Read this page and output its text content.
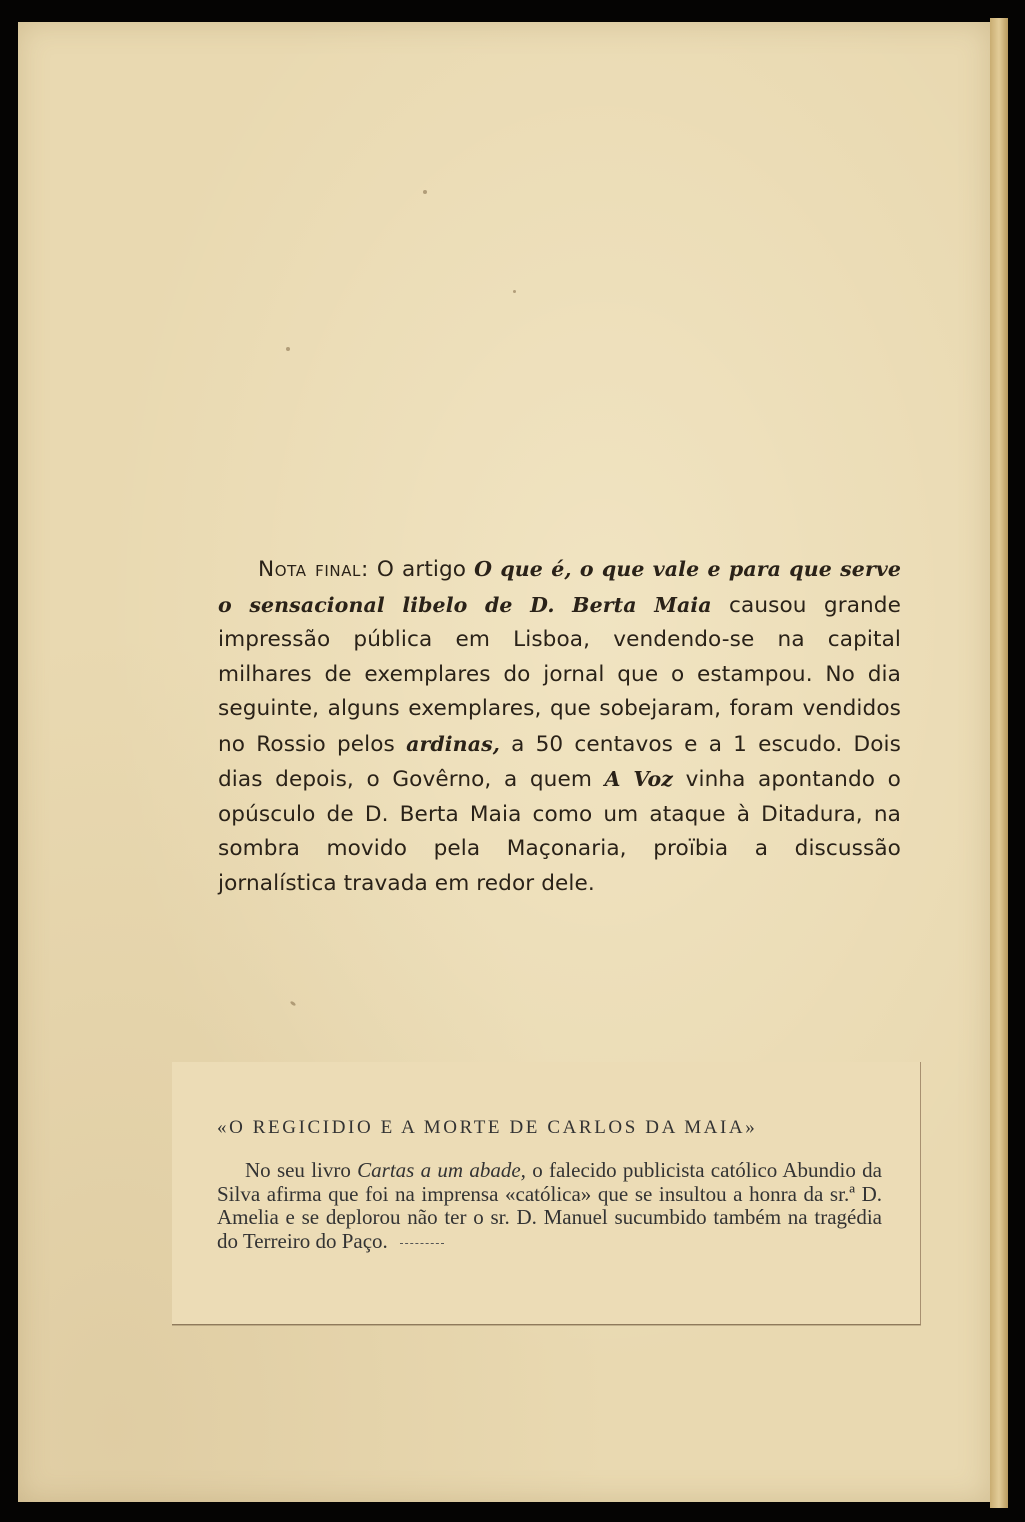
Nota final: O artigo O que é, o que vale e para que serve o sensacional libelo de D. Berta Maia causou grande impressão pública em Lisboa, vendendo-se na capital milhares de exemplares do jornal que o estampou. No dia seguinte, alguns exemplares, que sobejaram, foram vendidos no Rossio pelos ardinas, a 50 centavos e a 1 escudo. Dois dias depois, o Govêrno, a quem A Voz vinha apontando o opúsculo de D. Berta Maia como um ataque à Ditadura, na sombra movido pela Maçonaria, proïbia a discussão jornalística travada em redor dele.
«O REGICIDIO E A MORTE DE CARLOS DA MAIA»
No seu livro Cartas a um abade, o falecido publicista católico Abundio da Silva afirma que foi na imprensa «católica» que se insultou a honra da sr.ª D. Amelia e se deplorou não ter o sr. D. Manuel sucumbido também na tragédia do Terreiro do Paço.
